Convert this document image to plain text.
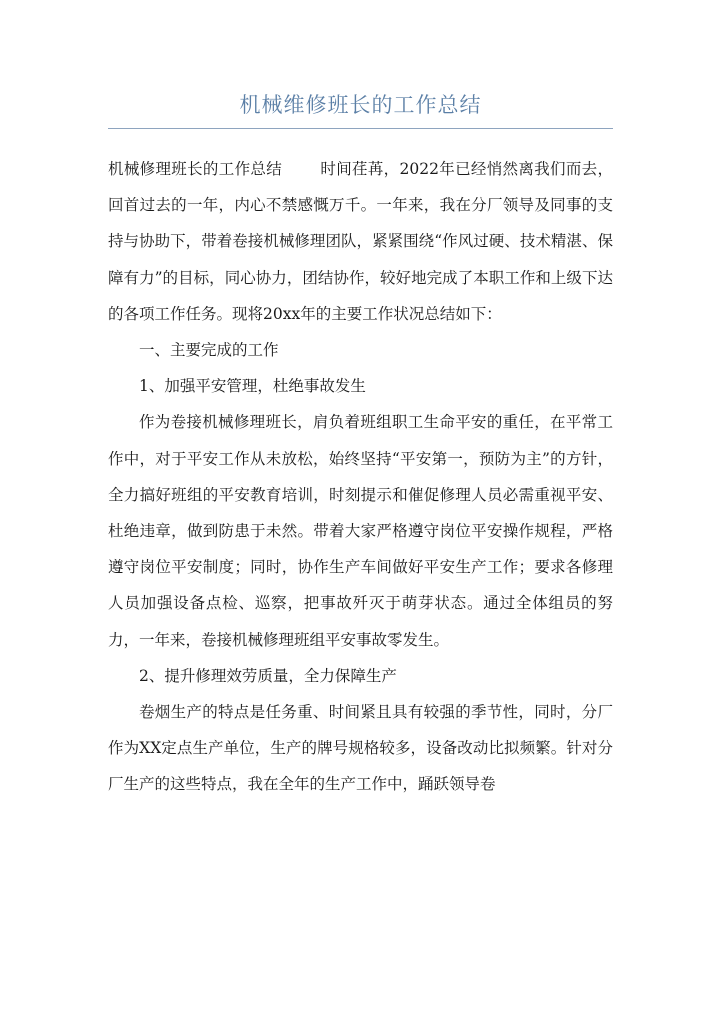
机械维修班长的工作总结

机械修理班长的工作总结 时间荏苒，2022年已经悄然离我们而去，回首过去的一年，内心不禁感慨万千。一年来，我在分厂领导及同事的支持与协助下，带着卷接机械修理团队，紧紧围绕“作风过硬、技术精湛、保障有力”的目标，同心协力，团结协作，较好地完成了本职工作和上级下达的各项工作任务。现将20xx年的主要工作状况总结如下：

一、主要完成的工作

1、加强平安管理，杜绝事故发生

作为卷接机械修理班长，肩负着班组职工生命平安的重任，在平常工作中，对于平安工作从未放松，始终坚持“平安第一，预防为主”的方针，全力搞好班组的平安教育培训，时刻提示和催促修理人员必需重视平安、杜绝违章，做到防患于未然。带着大家严格遵守岗位平安操作规程，严格遵守岗位平安制度；同时，协作生产车间做好平安生产工作；要求各修理人员加强设备点检、巡察，把事故歼灭于萌芽状态。通过全体组员的努力，一年来，卷接机械修理班组平安事故零发生。

2、提升修理效劳质量，全力保障生产

卷烟生产的特点是任务重、时间紧且具有较强的季节性，同时，分厂作为XX定点生产单位，生产的牌号规格较多，设备改动比拟频繁。针对分厂生产的这些特点，我在全年的生产工作中，踊跃领导卷
